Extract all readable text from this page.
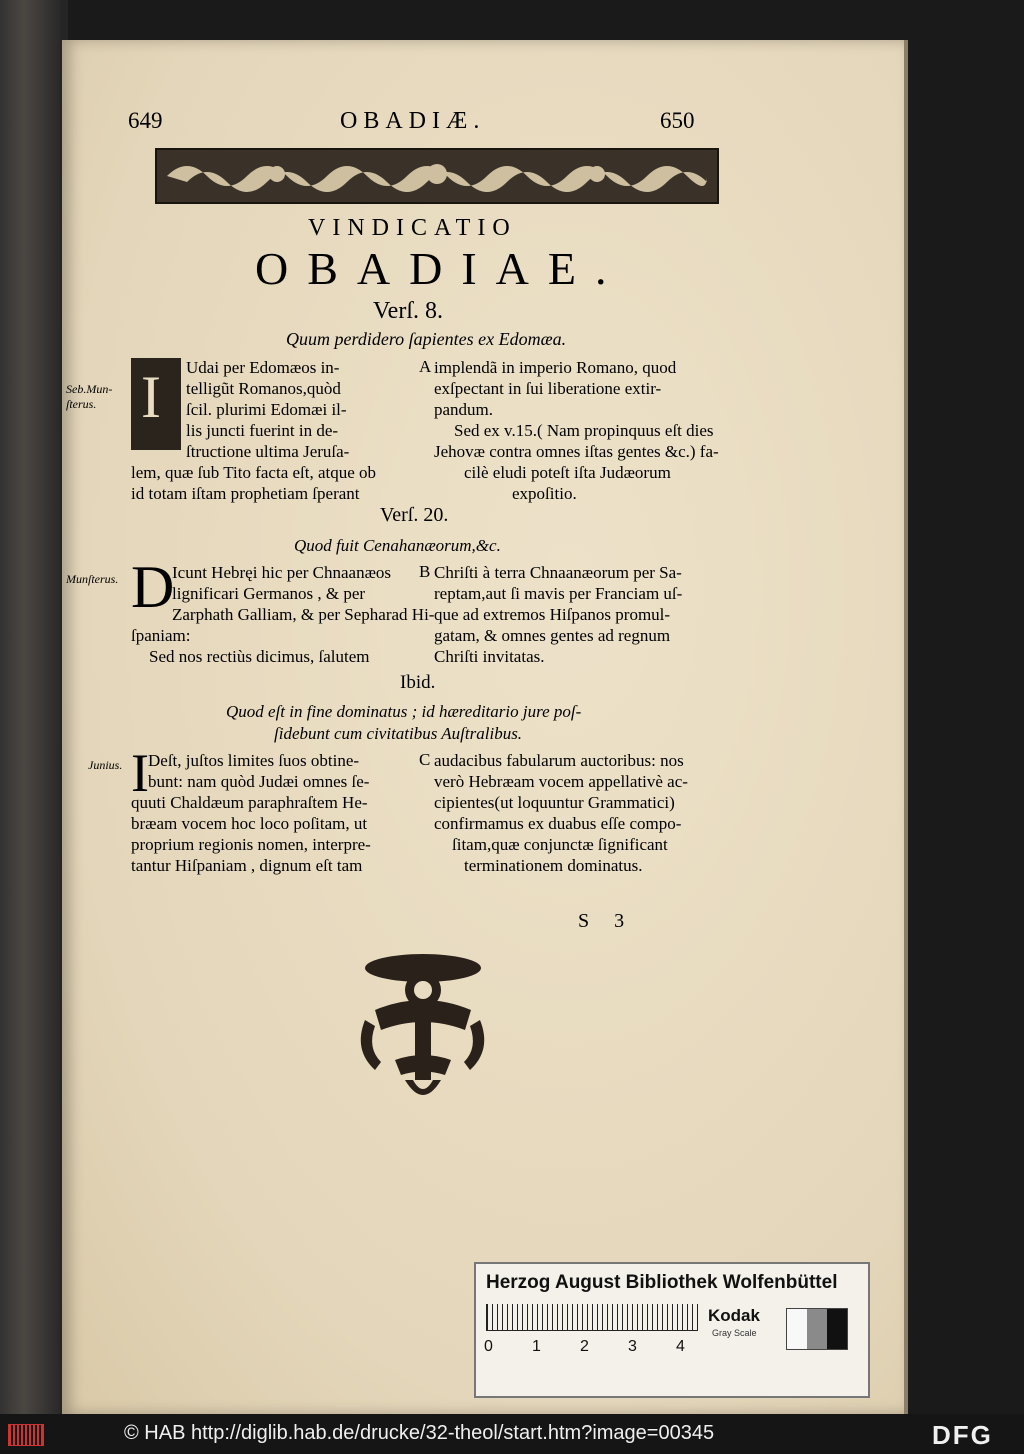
649	OBADIÆ.	650
VINDICATIO
OBADIAE.
Verſ. 8.
Quum perdidero ſapientes ex Edomæa.
Seb.Mun-
ſterus. I Udai per Edomæos in-
telligũt Romanos,quòd
ſcil. plurimi Edomæi il-
lis juncti fuerint in de-
ſtructione ultima Jeruſa-
lem, quæ ſub Tito facta eſt, atque ob
id totam iſtam prophetiam ſperant
A implendã in imperio Romano, quod
exſpectant in ſui liberatione extir-
pandum.
Sed ex v.15.( Nam propinquus eſt dies
Jehovæ contra omnes iſtas gentes &c.) fa-
cilè eludi poteſt iſta Judæorum
expoſitio.
Verſ. 20.
Quod fuit Cenahanæorum,&c.
Munſterus. D
Icunt Hebręi hic per Chnaanæos
lignificari Germanos , & per
Zarphath Galliam, & per Sepharad Hi-
ſpaniam:
Sed nos rectiùs dicimus, ſalutem
B Chriſti à terra Chnaanæorum per Sa-
reptam,aut ſi mavis per Franciam uſ-
que ad extremos Hiſpanos promul-
gatam, & omnes gentes ad regnum
Chriſti invitatas.
Ibid.
Quod eſt in fine dominatus ; id hæreditario jure poſ-
ſidebunt cum civitatibus Auſtralibus.
Junius. I Deſt, juſtos limites ſuos obtine-
bunt: nam quòd Judæi omnes ſe-
quuti Chaldæum paraphraſtem He-
bræam vocem hoc loco poſitam, ut
proprium regionis nomen, interpre-
tantur Hiſpaniam , dignum eſt tam
C audacibus fabularum auctoribus: nos
verò Hebræam vocem appellativè ac-
cipientes(ut loquuntur Grammatici)
confirmamus ex duabus eſſe compo-
ſitam,quæ conjunctæ ſignificant
terminationem dominatus.
S 3
Herzog August Bibliothek Wolfenbüttel
0 1 2 3 4
Kodak
Gray Scale
© HAB http://diglib.hab.de/drucke/32-theol/start.htm?image=00345	DFG
